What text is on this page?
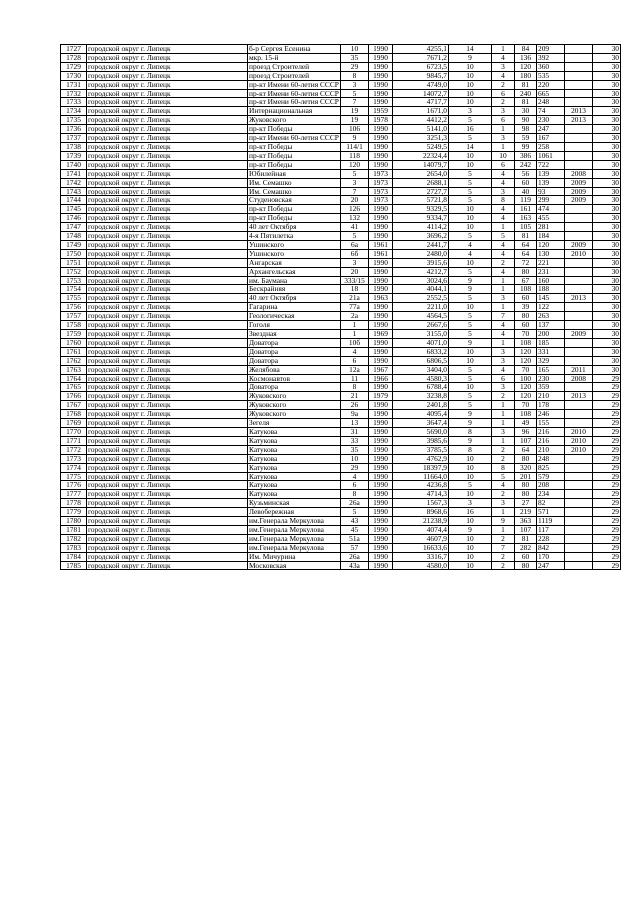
1727	городской округ г. Липецк	б-р Сергея Есенина	10	1990	4255,1	14	1	84	209		30
1728	городской округ г. Липецк	мкр. 15-й	35	1990	7671,2	9	4	136	392		30
1729	городской округ г. Липецк	проезд Строителей	29	1990	6723,5	10	3	120	360		30
1730	городской округ г. Липецк	проезд Строителей	8	1990	9845,7	10	4	180	535		30
1731	городской округ г. Липецк	пр-кт Имени 60-летия СССР	3	1990	4749,0	10	2	81	220		30
1732	городской округ г. Липецк	пр-кт Имени 60-летия СССР	5	1990	14072,7	10	6	240	665		30
1733	городской округ г. Липецк	пр-кт Имени 60-летия СССР	7	1990	4717,7	10	2	81	248		30
1734	городской округ г. Липецк	Интернациональная	19	1959	1671,0	3	3	30	74	2013	30
1735	городской округ г. Липецк	Жуковского	19	1978	4412,2	5	6	90	230	2013	30
1736	городской округ г. Липецк	пр-кт Победы	106	1990	5141,0	16	1	98	247		30
1737	городской округ г. Липецк	пр-кт Имени 60-летия СССР	9	1990	3251,3	5	3	59	167		30
1738	городской округ г. Липецк	пр-кт Победы	114/1	1990	5249,5	14	1	99	258		30
1739	городской округ г. Липецк	пр-кт Победы	118	1990	22324,4	10	10	386	1061		30
1740	городской округ г. Липецк	пр-кт Победы	120	1990	14079,7	10	6	242	722		30
1741	городской округ г. Липецк	Юбилейная	5	1973	2654,0	5	4	56	139	2008	30
1742	городской округ г. Липецк	Им. Семашко	3	1973	2688,1	5	4	60	139	2009	30
1743	городской округ г. Липецк	Им. Семашко	7	1973	2727,7	5	3	40	93	2009	30
1744	городской округ г. Липецк	Студеновская	20	1973	5721,8	5	8	119	299	2009	30
1745	городской округ г. Липецк	пр-кт Победы	126	1990	9329,5	10	4	161	474		30
1746	городской округ г. Липецк	пр-кт Победы	132	1990	9334,7	10	4	163	455		30
1747	городской округ г. Липецк	40 лет Октября	41	1990	4114,2	10	1	105	281		30
1748	городской округ г. Липецк	4-я Пятилетка	5	1990	3696,2	5	5	81	184		30
1749	городской округ г. Липецк	Ушинского	6а	1961	2441,7	4	4	64	120	2009	30
1750	городской округ г. Липецк	Ушинского	6б	1961	2480,0	4	4	64	130	2010	30
1751	городской округ г. Липецк	Ангарская	3	1990	3915,6	10	2	72	221		30
1752	городской округ г. Липецк	Архангельская	20	1990	4212,7	5	4	80	231		30
1753	городской округ г. Липецк	им. Баумана	333/15	1990	3024,6	9	1	67	160		30
1754	городской округ г. Липецк	Бескрайняя	18	1990	4044,1	9	1	108	188		30
1755	городской округ г. Липецк	40 лет Октября	21а	1963	2552,5	5	3	60	145	2013	30
1756	городской округ г. Липецк	Гагарина	77а	1990	2211,0	10	1	39	122		30
1757	городской округ г. Липецк	Геологическая	2а	1990	4564,5	5	7	80	263		30
1758	городской округ г. Липецк	Гоголя	1	1990	2667,6	5	4	60	137		30
1759	городской округ г. Липецк	Звездная	1	1969	3155,0	5	4	70	200	2009	30
1760	городской округ г. Липецк	Доватора	10б	1990	4071,0	9	1	108	185		30
1761	городской округ г. Липецк	Доватора	4	1990	6833,2	10	3	120	331		30
1762	городской округ г. Липецк	Доватора	6	1990	6806,5	10	3	120	329		30
1763	городской округ г. Липецк	Желябова	12а	1967	3404,0	5	4	70	165	2011	30
1764	городской округ г. Липецк	Космонавтов	11	1966	4580,3	5	6	100	230	2008	29
1765	городской округ г. Липецк	Доватора	8	1990	6788,4	10	3	120	359		29
1766	городской округ г. Липецк	Жуковского	21	1979	3238,8	5	2	120	210	2013	29
1767	городской округ г. Липецк	Жуковского	26	1990	2401,8	5	1	70	178		29
1768	городской округ г. Липецк	Жуковского	9а	1990	4095,4	9	1	108	246		29
1769	городской округ г. Липецк	Зегеля	13	1990	3647,4	9	1	49	155		29
1770	городской округ г. Липецк	Катукова	31	1990	5690,0	8	3	96	216	2010	29
1771	городской округ г. Липецк	Катукова	33	1990	3985,6	9	1	107	216	2010	29
1772	городской округ г. Липецк	Катукова	35	1990	3785,5	8	2	64	210	2010	29
1773	городской округ г. Липецк	Катукова	10	1990	4762,9	10	2	80	248		29
1774	городской округ г. Липецк	Катукова	29	1990	18397,9	10	8	320	825		29
1775	городской округ г. Липецк	Катукова	4	1990	11664,0	10	5	201	579		29
1776	городской округ г. Липецк	Катукова	6	1990	4236,8	5	4	80	208		29
1777	городской округ г. Липецк	Катукова	8	1990	4714,3	10	2	80	234		29
1778	городской округ г. Липецк	Кузьминская	26а	1990	1567,3	3	3	27	82		29
1779	городской округ г. Липецк	Левобережная	5	1990	8968,6	16	1	219	571		29
1780	городской округ г. Липецк	им.Генерала Меркулова	43	1990	21238,9	10	9	363	1119		29
1781	городской округ г. Липецк	им.Генерала Меркулова	45	1990	4074,4	9	1	107	117		29
1782	городской округ г. Липецк	им.Генерала Меркулова	51а	1990	4607,9	10	2	81	228		29
1783	городской округ г. Липецк	им.Генерала Меркулова	57	1990	16633,6	10	7	282	842		29
1784	городской округ г. Липецк	Им. Мичурина	26а	1990	3316,7	10	2	60	170		29
1785	городской округ г. Липецк	Московская	43а	1990	4580,0	10	2	80	247		29
